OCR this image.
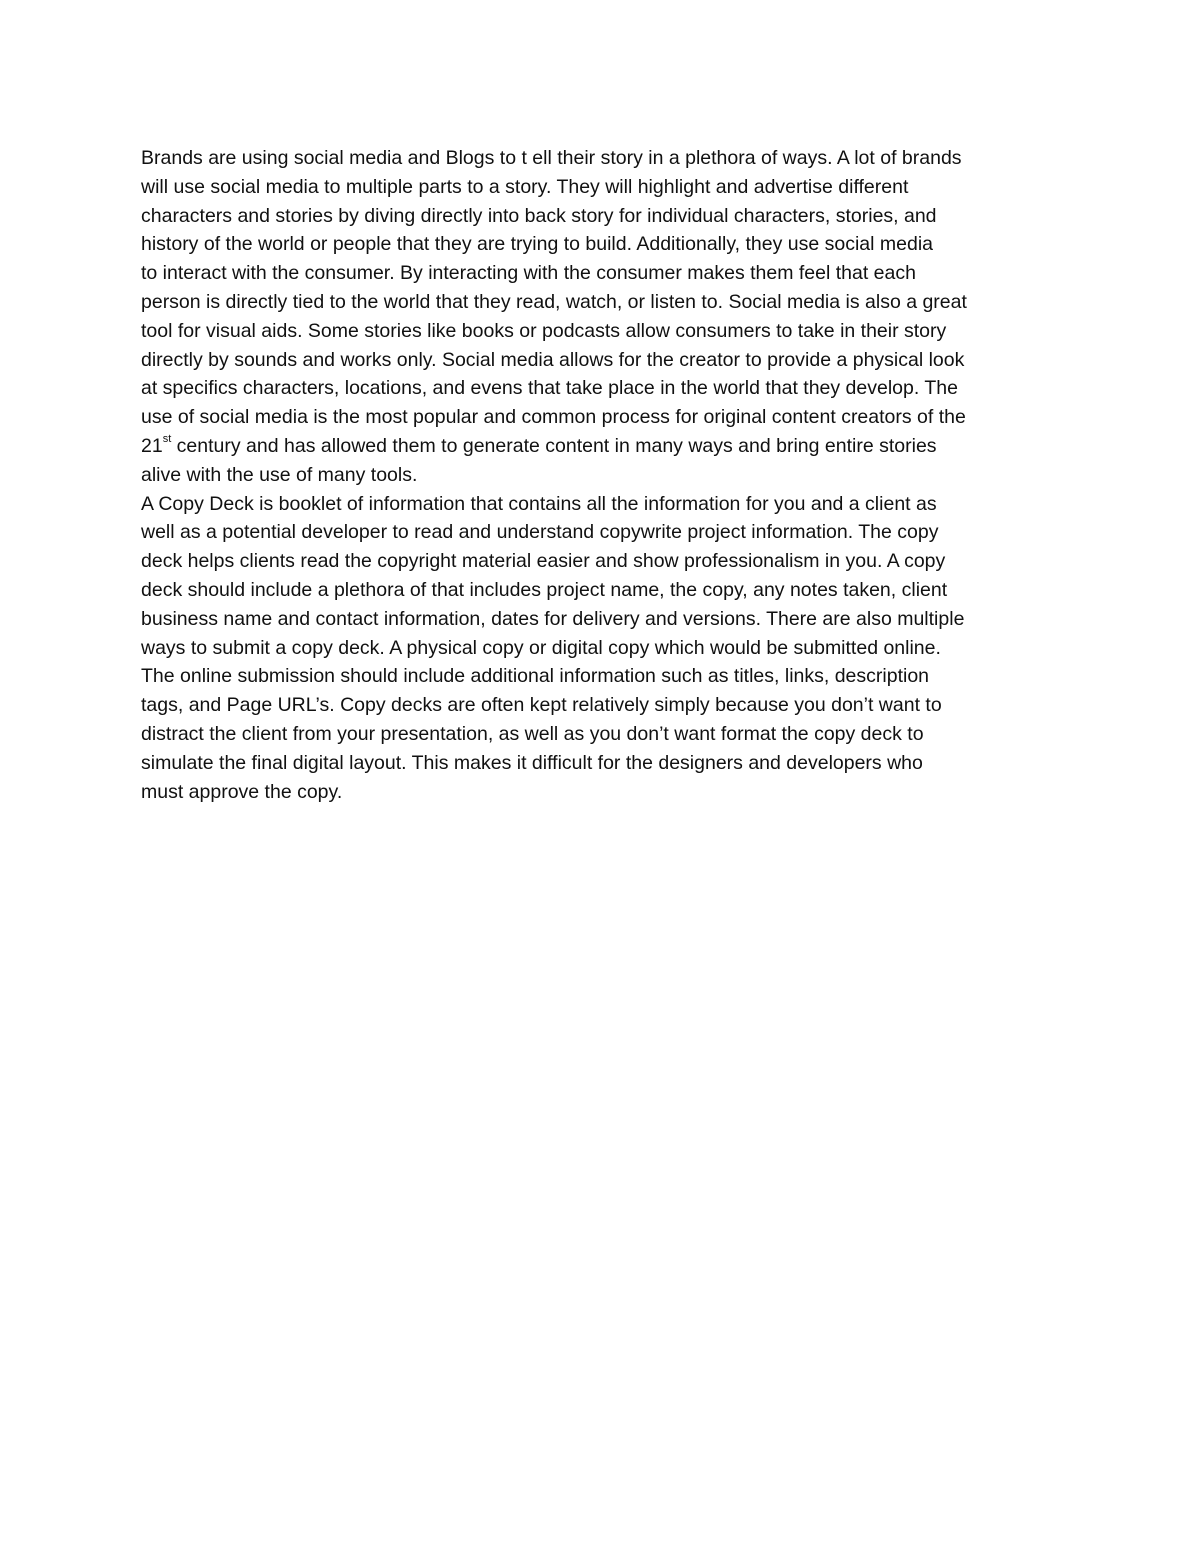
Brands are using social media and Blogs to t ell their story in a plethora of ways. A lot of brands
will use social media to multiple parts to a story. They will highlight and advertise different
characters and stories by diving directly into back story for individual characters, stories, and
history of the world or people that they are trying to build. Additionally, they use social media
to interact with the consumer. By interacting with the consumer makes them feel that each
person is directly tied to the world that they read, watch, or listen to. Social media is also a great
tool for visual aids. Some stories like books or podcasts allow consumers to take in their story
directly by sounds and works only. Social media allows for the creator to provide a physical look
at specifics characters, locations, and evens that take place in the world that they develop. The
use of social media is the most popular and common process for original content creators of the
21st century and has allowed them to generate content in many ways and bring entire stories
alive with the use of many tools.
A Copy Deck is booklet of information that contains all the information for you and a client as
well as a potential developer to read and understand copywrite project information. The copy
deck helps clients read the copyright material easier and show professionalism in you. A copy
deck should include a plethora of that includes project name, the copy, any notes taken, client
business name and contact information, dates for delivery and versions. There are also multiple
ways to submit a copy deck. A physical copy or digital copy which would be submitted online.
The online submission should include additional information such as titles, links, description
tags, and Page URL’s. Copy decks are often kept relatively simply because you don’t want to
distract the client from your presentation, as well as you don’t want format the copy deck to
simulate the final digital layout. This makes it difficult for the designers and developers who
must approve the copy.
